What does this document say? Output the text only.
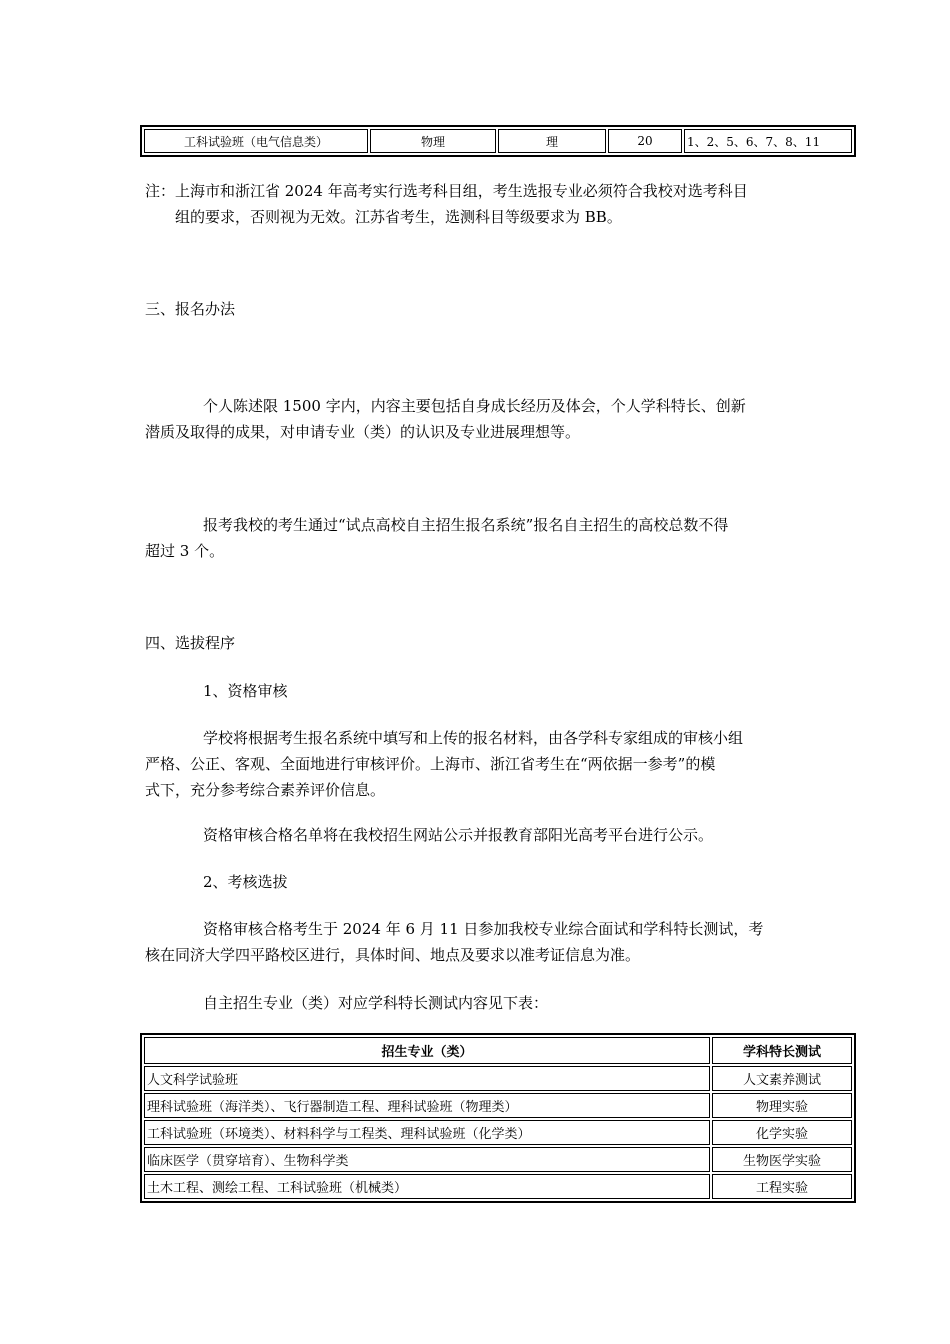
工科试验班（电气信息类）	物理	理	20	1、2、5、6、7、8、11
注：上海市和浙江省 2024 年高考实行选考科目组，考生选报专业必须符合我校对选考科目
组的要求，否则视为无效。江苏省考生，选测科目等级要求为 BB。
三、报名办法
个人陈述限 1500 字内，内容主要包括自身成长经历及体会，个人学科特长、创新
潜质及取得的成果，对申请专业（类）的认识及专业进展理想等。
报考我校的考生通过“试点高校自主招生报名系统”报名自主招生的高校总数不得
超过 3 个。
四、选拔程序
1、资格审核
学校将根据考生报名系统中填写和上传的报名材料，由各学科专家组成的审核小组
严格、公正、客观、全面地进行审核评价。上海市、浙江省考生在“两依据一参考”的模
式下，充分参考综合素养评价信息。
资格审核合格名单将在我校招生网站公示并报教育部阳光高考平台进行公示。
2、考核选拔
资格审核合格考生于 2024 年 6 月 11 日参加我校专业综合面试和学科特长测试，考
核在同济大学四平路校区进行，具体时间、地点及要求以准考证信息为准。
自主招生专业（类）对应学科特长测试内容见下表：
招生专业（类）	学科特长测试
人文科学试验班	人文素养测试
理科试验班（海洋类）、飞行器制造工程、理科试验班（物理类）	物理实验
工科试验班（环境类）、材料科学与工程类、理科试验班（化学类）	化学实验
临床医学（贯穿培育）、生物科学类	生物医学实验
土木工程、测绘工程、工科试验班（机械类）	工程实验
